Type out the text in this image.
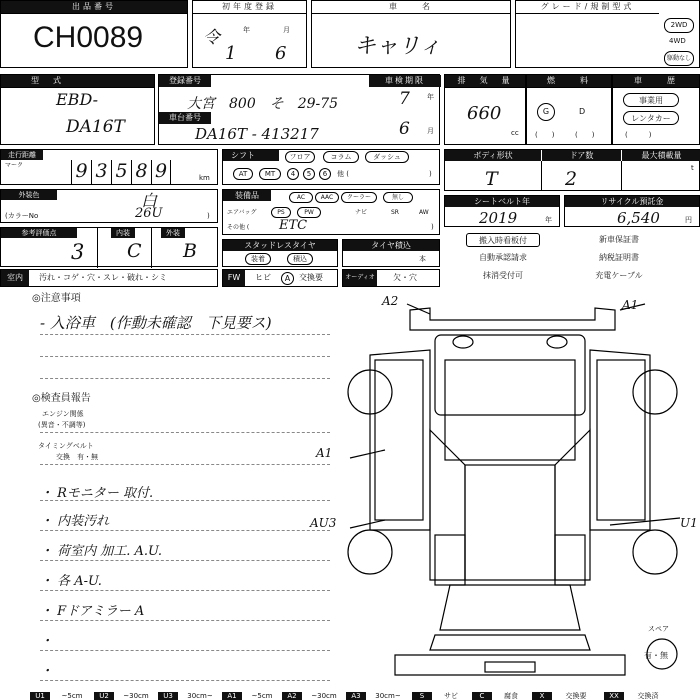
出品番号
CH0089
初年度登録
令	年	月
1 6
車　　名
キャリィ
グレード/規制型式
2WD
4WD
駆動なし
型　式
EBD-
DA16T
登録番号	車検期限
大宮　800　そ　29-75
車台番号
DA16T - 413217
7 年
6 月
排　気　量
660
cc
燃　　料
G	D
(　　)	(　　)
車　　歴
事業用
レンタカー
(　　　)
走行距離
マーク	9 3 5 8 9	km
シフト	フロア	コラム	ダッシュ
AT	MT	4	5	6	他 (	)
ボディ形状	ドア数	最大積載量
T	2	t
外装色	白
(カラーNo	26U	)
装備品	AC	AAC	クーラー	無し
エアバッグ	PS	PW	ナビ	SR	AW
その他 ( ETC	)
シートベルト年
2019	年
リサイクル預託金
6,540	円
参考評価点	内装	外装
3 C B	スタッドレスタイヤ
装着	積込
タイヤ積込
本
搬入時看板付	新車保証書
自動承認請求	納税証明書
抹消受付可	充電ケーブル
室内	汚れ・コゲ・穴・スレ・破れ・シミ	FW	ヒビ	A	交換要	オーディオ 欠・穴
◎注意事項
- 入浴車　(作動未確認　下見要ス)
◎検査員報告
エンジン関係
(異音・不調等)
タイミングベルト
交換　有・無
・ Rモニター 取付.
・ 内装汚れ
・ 荷室内 加工. A.U.
・ 各 A-U.
・ Fドアミラー A
・
・
A2	A1
A1
AU3	U1
スペア
有・無
U1	~5cm	U2	~30cm	U3	30cm~	A1	~5cm	A2	~30cm	A3	30cm~	S	サビ	C	腐食	X	交換要	XX	交換済
